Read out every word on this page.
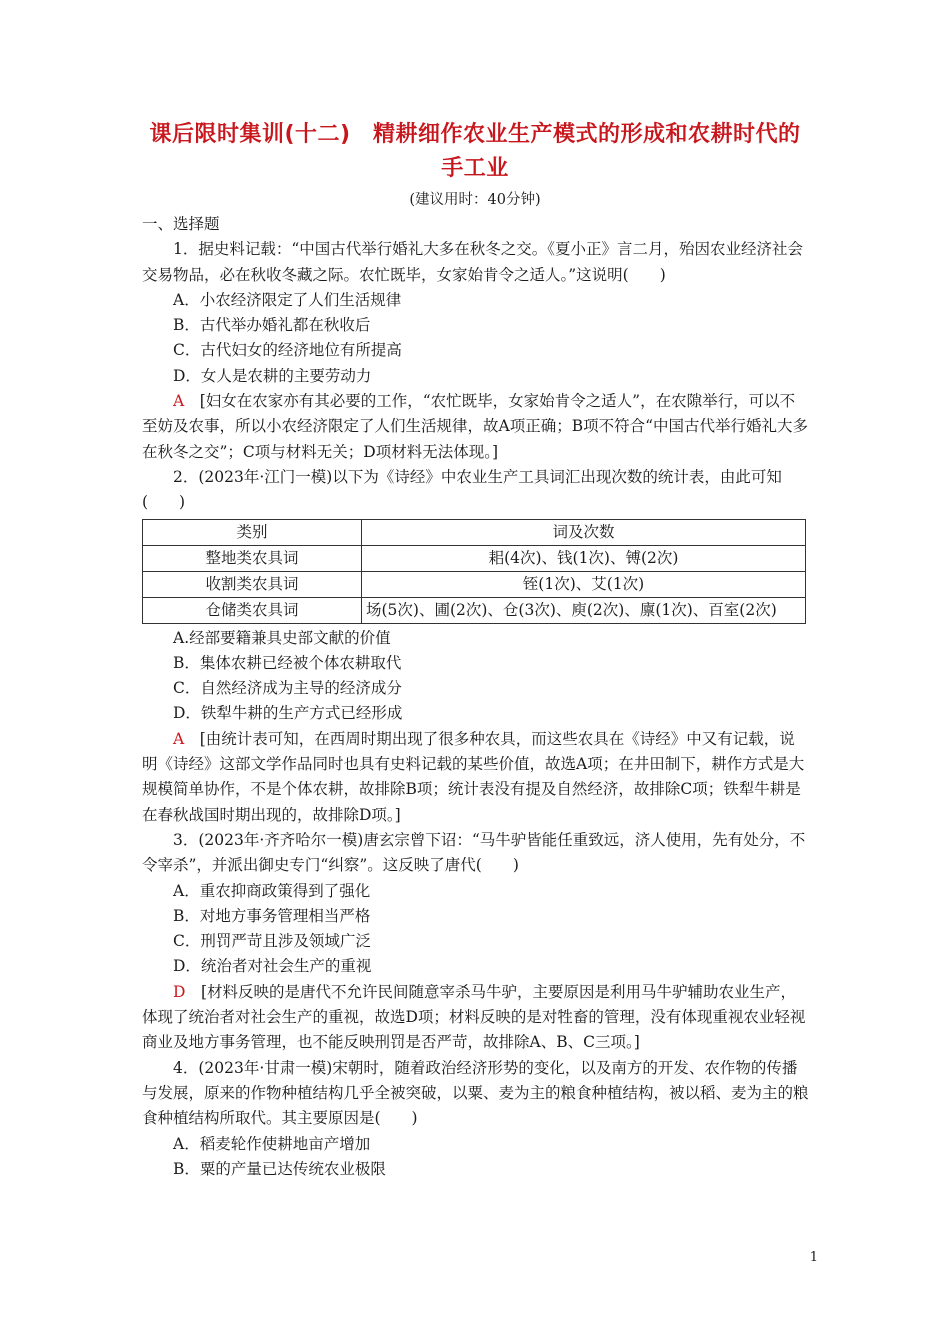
课后限时集训(十二)　精耕细作农业生产模式的形成和农耕时代的
手工业
(建议用时：40分钟)

一、选择题

1．据史料记载：“中国古代举行婚礼大多在秋冬之交。《夏小正》言二月，殆因农业经济社会交易物品，必在秋收冬藏之际。农忙既毕，女家始肯令之适人。”这说明(　　)

A．小农经济限定了人们生活规律

B．古代举办婚礼都在秋收后

C．古代妇女的经济地位有所提高

D．女人是农耕的主要劳动力

A　[妇女在农家亦有其必要的工作，“农忙既毕，女家始肯令之适人”，在农隙举行，可以不至妨及农事，所以小农经济限定了人们生活规律，故A项正确；B项不符合“中国古代举行婚礼大多在秋冬之交”；C项与材料无关；D项材料无法体现。]

2．(2023年·江门一模)以下为《诗经》中农业生产工具词汇出现次数的统计表，由此可知(　　)

类别	词及次数
整地类农具词	耜(4次)、钱(1次)、镈(2次)
收割类农具词	铚(1次)、艾(1次)
仓储类农具词	场(5次)、圃(2次)、仓(3次)、庾(2次)、廪(1次)、百室(2次)

A.经部要籍兼具史部文献的价值

B．集体农耕已经被个体农耕取代

C．自然经济成为主导的经济成分

D．铁犁牛耕的生产方式已经形成

A　[由统计表可知，在西周时期出现了很多种农具，而这些农具在《诗经》中又有记载，说明《诗经》这部文学作品同时也具有史料记载的某些价值，故选A项；在井田制下，耕作方式是大规模简单协作，不是个体农耕，故排除B项；统计表没有提及自然经济，故排除C项；铁犁牛耕是在春秋战国时期出现的，故排除D项。]

3．(2023年·齐齐哈尔一模)唐玄宗曾下诏：“马牛驴皆能任重致远，济人使用，先有处分，不令宰杀”，并派出御史专门“纠察”。这反映了唐代(　　)

A．重农抑商政策得到了强化

B．对地方事务管理相当严格

C．刑罚严苛且涉及领域广泛

D．统治者对社会生产的重视

D　[材料反映的是唐代不允许民间随意宰杀马牛驴，主要原因是利用马牛驴辅助农业生产，体现了统治者对社会生产的重视，故选D项；材料反映的是对牲畜的管理，没有体现重视农业轻视商业及地方事务管理，也不能反映刑罚是否严苛，故排除A、B、C三项。]

4．(2023年·甘肃一模)宋朝时，随着政治经济形势的变化，以及南方的开发、农作物的传播与发展，原来的作物种植结构几乎全被突破，以粟、麦为主的粮食种植结构，被以稻、麦为主的粮食种植结构所取代。其主要原因是(　　)

A．稻麦轮作使耕地亩产增加

B．粟的产量已达传统农业极限

1
